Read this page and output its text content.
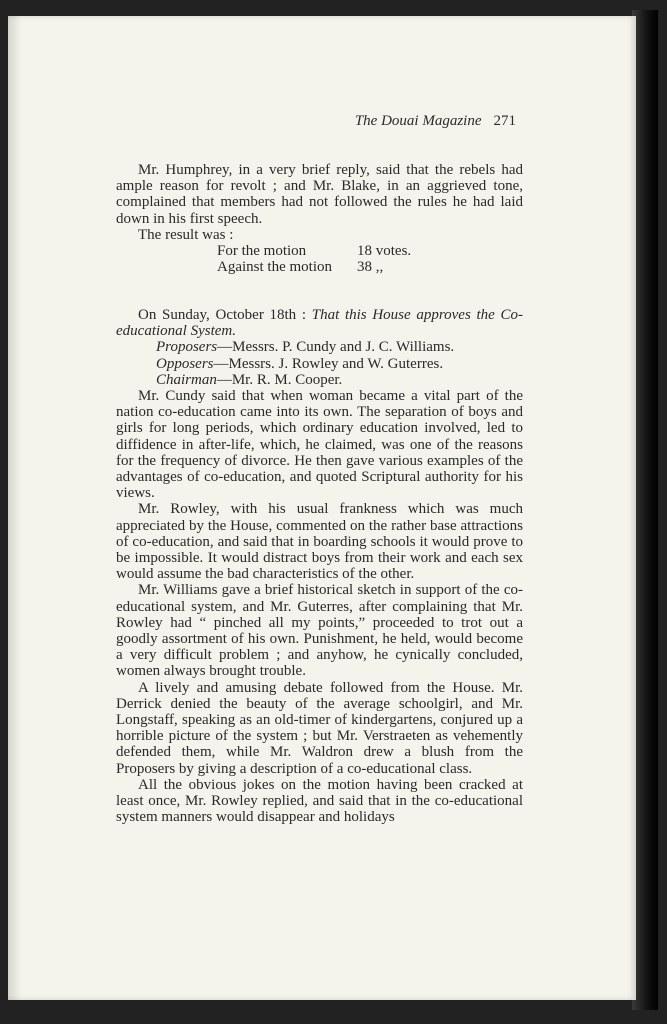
The Douai Magazine 271

Mr. Humphrey, in a very brief reply, said that the rebels had ample reason for revolt ; and Mr. Blake, in an aggrieved tone, complained that members had not followed the rules he had laid down in his first speech.

The result was :

For the motion	18 votes.
Against the motion 38 ,,

On Sunday, October 18th : That this House approves the Co-educational System.

Proposers—Messrs. P. Cundy and J. C. Williams.

Opposers—Messrs. J. Rowley and W. Guterres.

Chairman—Mr. R. M. Cooper.

Mr. Cundy said that when woman became a vital part of the nation co-education came into its own. The separation of boys and girls for long periods, which ordinary education involved, led to diffidence in after-life, which, he claimed, was one of the reasons for the frequency of divorce. He then gave various examples of the advantages of co-education, and quoted Scriptural authority for his views.

Mr. Rowley, with his usual frankness which was much appreciated by the House, commented on the rather base attractions of co-education, and said that in boarding schools it would prove to be impossible. It would distract boys from their work and each sex would assume the bad characteristics of the other.

Mr. Williams gave a brief historical sketch in support of the co-educational system, and Mr. Guterres, after complaining that Mr. Rowley had “ pinched all my points,” proceeded to trot out a goodly assortment of his own. Punishment, he held, would become a very difficult problem ; and anyhow, he cynically concluded, women always brought trouble.

A lively and amusing debate followed from the House. Mr. Derrick denied the beauty of the average schoolgirl, and Mr. Longstaff, speaking as an old-timer of kindergartens, conjured up a horrible picture of the system ; but Mr. Verstraeten as vehemently defended them, while Mr. Waldron drew a blush from the Proposers by giving a description of a co-educational class.

All the obvious jokes on the motion having been cracked at least once, Mr. Rowley replied, and said that in the co-educational system manners would disappear and holidays
